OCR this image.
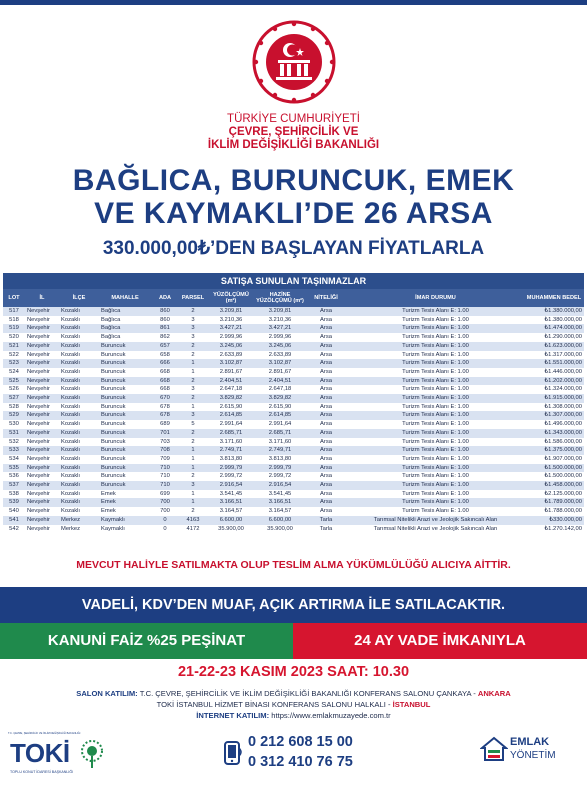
TÜRKİYE CUMHURİYETİ
ÇEVRE, ŞEHİRCİLİK VE
İKLİM DEĞİŞİKLİĞİ BAKANLIĞI
BAĞLICA, BURUNCUK, EMEK
VE KAYMAKLI’DE 26 ARSA
330.000,00₺’DEN BAŞLAYAN FİYATLARLA
SATIŞA SUNULAN TAŞINMAZLAR
LOT	İL	İLÇE	MAHALLE	ADA	PARSEL	YÜZÖLÇÜMÜ (m²)	HAZİNE YÜZÖLÇÜMÜ (m²)	NİTELİĞİ	İMAR DURUMU	MUHAMMEN BEDEL
517	Nevşehir	Kozaklı	Bağlıca	860	2	3.209,81	3.209,81	Arsa	Turizm Tesis Alanı E: 1.00	₺1.380.000,00
518	Nevşehir	Kozaklı	Bağlıca	860	3	3.210,36	3.210,36	Arsa	Turizm Tesis Alanı E: 1.00	₺1.380.000,00
519	Nevşehir	Kozaklı	Bağlıca	861	3	3.427,21	3.427,21	Arsa	Turizm Tesis Alanı E: 1.00	₺1.474.000,00
520	Nevşehir	Kozaklı	Bağlıca	862	3	2.999,96	2.999,96	Arsa	Turizm Tesis Alanı E: 1.00	₺1.290.000,00
521	Nevşehir	Kozaklı	Buruncuk	657	2	3.245,06	3.245,06	Arsa	Turizm Tesis Alanı E: 1.00	₺1.623.000,00
522	Nevşehir	Kozaklı	Buruncuk	658	2	2.633,89	2.633,89	Arsa	Turizm Tesis Alanı E: 1.00	₺1.317.000,00
523	Nevşehir	Kozaklı	Buruncuk	666	1	3.102,87	3.102,87	Arsa	Turizm Tesis Alanı E: 1.00	₺1.551.000,00
524	Nevşehir	Kozaklı	Buruncuk	668	1	2.891,67	2.891,67	Arsa	Turizm Tesis Alanı E: 1.00	₺1.446.000,00
525	Nevşehir	Kozaklı	Buruncuk	668	2	2.404,51	2.404,51	Arsa	Turizm Tesis Alanı E: 1.00	₺1.202.000,00
526	Nevşehir	Kozaklı	Buruncuk	668	3	2.647,18	2.647,18	Arsa	Turizm Tesis Alanı E: 1.00	₺1.324.000,00
527	Nevşehir	Kozaklı	Buruncuk	670	2	3.829,82	3.829,82	Arsa	Turizm Tesis Alanı E: 1.00	₺1.915.000,00
528	Nevşehir	Kozaklı	Buruncuk	678	1	2.615,90	2.615,90	Arsa	Turizm Tesis Alanı E: 1.00	₺1.308.000,00
529	Nevşehir	Kozaklı	Buruncuk	678	3	2.614,85	2.614,85	Arsa	Turizm Tesis Alanı E: 1.00	₺1.307.000,00
530	Nevşehir	Kozaklı	Buruncuk	689	5	2.991,64	2.991,64	Arsa	Turizm Tesis Alanı E: 1.00	₺1.496.000,00
531	Nevşehir	Kozaklı	Buruncuk	701	2	2.685,71	2.685,71	Arsa	Turizm Tesis Alanı E: 1.00	₺1.343.000,00
532	Nevşehir	Kozaklı	Buruncuk	703	2	3.171,60	3.171,60	Arsa	Turizm Tesis Alanı E: 1.00	₺1.586.000,00
533	Nevşehir	Kozaklı	Buruncuk	708	1	2.749,71	2.749,71	Arsa	Turizm Tesis Alanı E: 1.00	₺1.375.000,00
534	Nevşehir	Kozaklı	Buruncuk	709	1	3.813,80	3.813,80	Arsa	Turizm Tesis Alanı E: 1.00	₺1.907.000,00
535	Nevşehir	Kozaklı	Buruncuk	710	1	2.999,79	2.999,79	Arsa	Turizm Tesis Alanı E: 1.00	₺1.500.000,00
536	Nevşehir	Kozaklı	Buruncuk	710	2	2.999,72	2.999,72	Arsa	Turizm Tesis Alanı E: 1.00	₺1.500.000,00
537	Nevşehir	Kozaklı	Buruncuk	710	3	2.916,54	2.916,54	Arsa	Turizm Tesis Alanı E: 1.00	₺1.458.000,00
538	Nevşehir	Kozaklı	Emek	699	1	3.541,45	3.541,45	Arsa	Turizm Tesis Alanı E: 1.00	₺2.125.000,00
539	Nevşehir	Kozaklı	Emek	700	1	3.166,51	3.166,51	Arsa	Turizm Tesis Alanı E: 1.00	₺1.789.000,00
540	Nevşehir	Kozaklı	Emek	700	2	3.164,57	3.164,57	Arsa	Turizm Tesis Alanı E: 1.00	₺1.788.000,00
541	Nevşehir	Merkez	Kaymaklı	0	4163	6.600,00	6.600,00	Tarla	Tarımsal Nitelikli Arazi ve Jeolojik Sakıncalı Alan	₺330.000,00
542	Nevşehir	Merkez	Kaymaklı	0	4172	35.900,00	35.900,00	Tarla	Tarımsal Nitelikli Arazi ve Jeolojik Sakıncalı Alan	₺1.270.142,00
MEVCUT HALİYLE SATILMAKTA OLUP TESLİM ALMA YÜKÜMLÜLÜĞÜ ALICIYA AİTTİR.
VADELİ, KDV’DEN MUAF, AÇIK ARTIRMA İLE SATILACAKTIR.
KANUNİ FAİZ %25 PEŞİNAT	24 AY VADE İMKANIYLA
21-22-23 KASIM 2023 SAAT: 10.30
SALON KATILIM: T.C. ÇEVRE, ŞEHİRCİLİK VE İKLİM DEĞİŞİKLİĞİ BAKANLIĞI KONFERANS SALONU ÇANKAYA - ANKARA
TOKİ İSTANBUL HİZMET BİNASI KONFERANS SALONU HALKALI - İSTANBUL
İNTERNET KATILIM: https://www.emlakmuzayede.com.tr
T.C. ÇEVRE, ŞEHİRCİLİK VE İKLİM DEĞİŞİKLİĞİ BAKANLIĞI
TOKİ
TOPLU KONUT İDARESİ BAŞKANLIĞI
0 212 608 15 00
0 312 410 76 75
EMLAK
YÖNETİM
